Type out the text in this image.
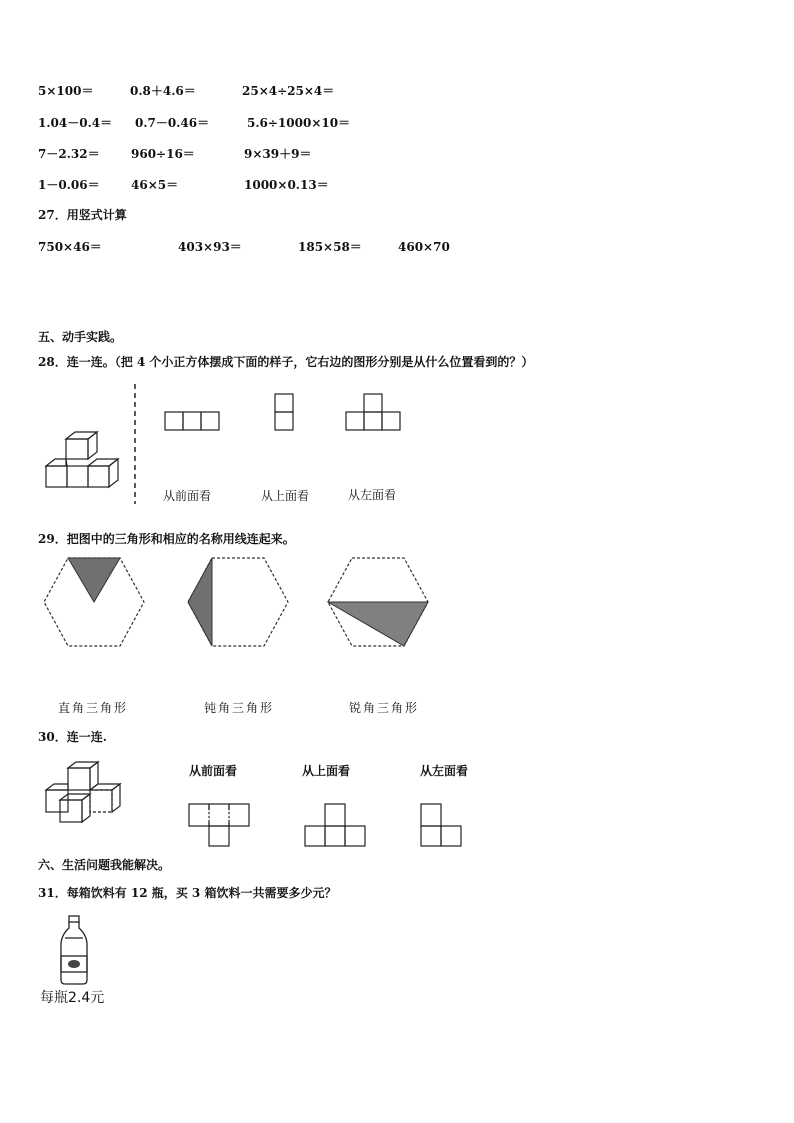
5×100＝	0.8＋4.6＝	25×4÷25×4＝
1.04－0.4＝ 0.7－0.46＝	5.6÷1000×10＝
7－2.32＝	960÷16＝	9×39＋9＝
1－0.06＝	46×5＝	1000×0.13＝
27．用竖式计算
750×46＝	403×93＝	185×58＝	460×70
五、动手实践。
28．连一连。（把 4 个小正方体摆成下面的样子，它右边的图形分别是从什么位置看到的？）
从前面看	从上面看	从左面看
29．把图中的三角形和相应的名称用线连起来。
直角三角形	钝角三角形	锐角三角形
30．连一连.
从前面看	从上面看	从左面看
六、生活问题我能解决。
31．每箱饮料有 12 瓶，买 3 箱饮料一共需要多少元？
每瓶2.4元
